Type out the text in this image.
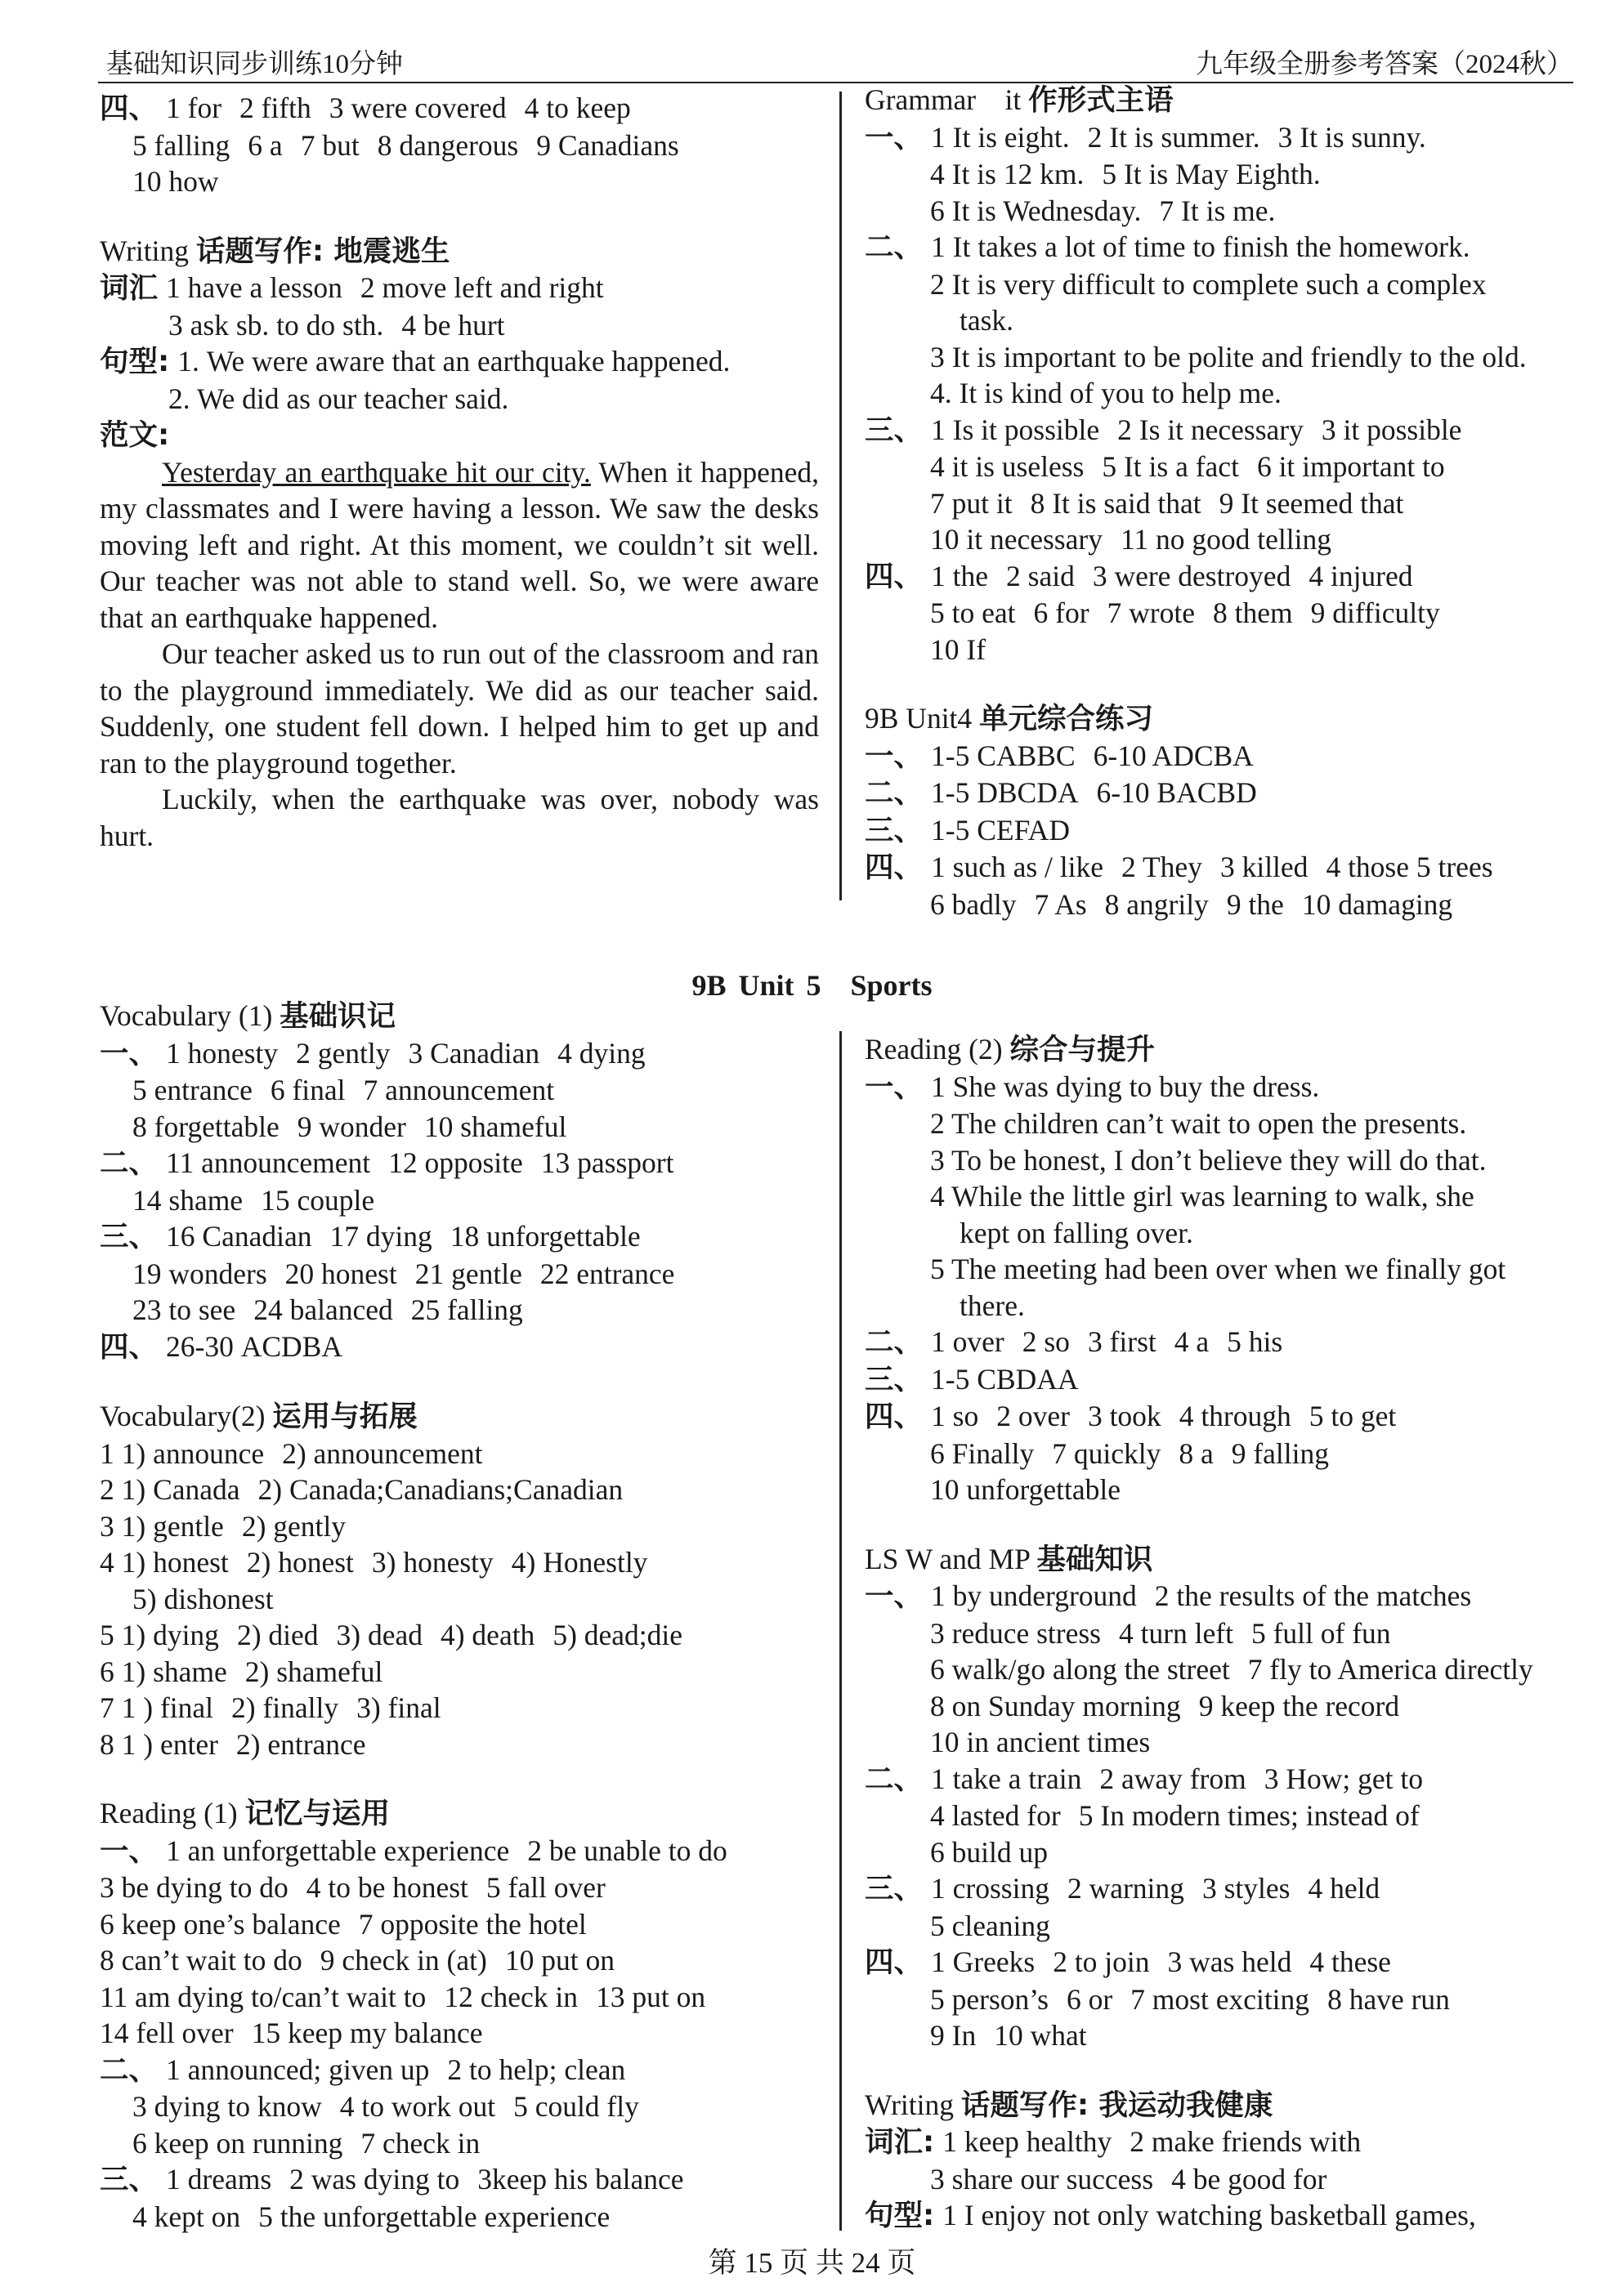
基础知识同步训练10分钟	九年级全册参考答案（2024秋）
四、 1 for 2 fifth 3 were covered 4 to keep
5 falling 6 a 7 but 8 dangerous 9 Canadians
10 how
Writing 话题写作: 地震逃生
词汇 1 have a lesson 2 move left and right
3 ask sb. to do sth. 4 be hurt
句型: 1. We were aware that an earthquake happened.
2. We did as our teacher said.
范文:

Yesterday an earthquake hit our city. When it happened, my classmates and I were having a lesson. We saw the desks moving left and right. At this moment, we couldn’t sit well. Our teacher was not able to stand well. So, we were aware that an earthquake happened.

Our teacher asked us to run out of the classroom and ran to the playground immediately. We did as our teacher said. Suddenly, one student fell down. I helped him to get up and ran to the playground together.

Luckily, when the earthquake was over, nobody was hurt.

Grammar　it 作形式主语
一、 1 It is eight. 2 It is summer. 3 It is sunny.
4 It is 12 km. 5 It is May Eighth.
6 It is Wednesday. 7 It is me.
二、 1 It takes a lot of time to finish the homework.
2 It is very difficult to complete such a complex
task.
3 It is important to be polite and friendly to the old.
4. It is kind of you to help me.
三、 1 Is it possible 2 Is it necessary 3 it possible
4 it is useless 5 It is a fact 6 it important to
7 put it 8 It is said that 9 It seemed that
10 it necessary 11 no good telling
四、 1 the 2 said 3 were destroyed 4 injured
5 to eat 6 for 7 wrote 8 them 9 difficulty
10 If
9B Unit4 单元综合练习
一、 1-5 CABBC 6-10 ADCBA
二、 1-5 DBCDA 6-10 BACBD
三、 1-5 CEFAD
四、 1 such as / like 2 They 3 killed 4 those 5 trees
6 badly 7 As 8 angrily 9 the 10 damaging
9B Unit 5　Sports
Vocabulary (1) 基础识记
一、 1 honesty 2 gently 3 Canadian 4 dying
5 entrance 6 final 7 announcement
8 forgettable 9 wonder 10 shameful
二、 11 announcement 12 opposite 13 passport
14 shame 15 couple
三、 16 Canadian 17 dying 18 unforgettable
19 wonders 20 honest 21 gentle 22 entrance
23 to see 24 balanced 25 falling
四、 26-30 ACDBA
Vocabulary(2) 运用与拓展
1 1) announce 2) announcement
2 1) Canada 2) Canada;Canadians;Canadian
3 1) gentle 2) gently
4 1) honest 2) honest 3) honesty 4) Honestly
5) dishonest
5 1) dying 2) died 3) dead 4) death 5) dead;die
6 1) shame 2) shameful
7 1 ) final 2) finally 3) final
8 1 ) enter 2) entrance
Reading (1) 记忆与运用
一、 1 an unforgettable experience 2 be unable to do
3 be dying to do 4 to be honest 5 fall over
6 keep one’s balance 7 opposite the hotel
8 can’t wait to do 9 check in (at) 10 put on
11 am dying to/can’t wait to 12 check in 13 put on
14 fell over 15 keep my balance
二、 1 announced; given up 2 to help; clean
3 dying to know 4 to work out 5 could fly
6 keep on running 7 check in
三、 1 dreams 2 was dying to 3keep his balance
4 kept on 5 the unforgettable experience
Reading (2) 综合与提升
一、 1 She was dying to buy the dress.
2 The children can’t wait to open the presents.
3 To be honest, I don’t believe they will do that.
4 While the little girl was learning to walk, she
kept on falling over.
5 The meeting had been over when we finally got
there.
二、 1 over 2 so 3 first 4 a 5 his
三、 1-5 CBDAA
四、 1 so 2 over 3 took 4 through 5 to get
6 Finally 7 quickly 8 a 9 falling
10 unforgettable
LS W and MP 基础知识
一、 1 by underground 2 the results of the matches
3 reduce stress 4 turn left 5 full of fun
6 walk/go along the street 7 fly to America directly
8 on Sunday morning 9 keep the record
10 in ancient times
二、 1 take a train 2 away from 3 How; get to
4 lasted for 5 In modern times; instead of
6 build up
三、 1 crossing 2 warning 3 styles 4 held
5 cleaning
四、 1 Greeks 2 to join 3 was held 4 these
5 person’s 6 or 7 most exciting 8 have run
9 In 10 what
Writing 话题写作: 我运动我健康
词汇: 1 keep healthy 2 make friends with
3 share our success 4 be good for
句型: 1 I enjoy not only watching basketball games,
第 15 页 共 24 页
